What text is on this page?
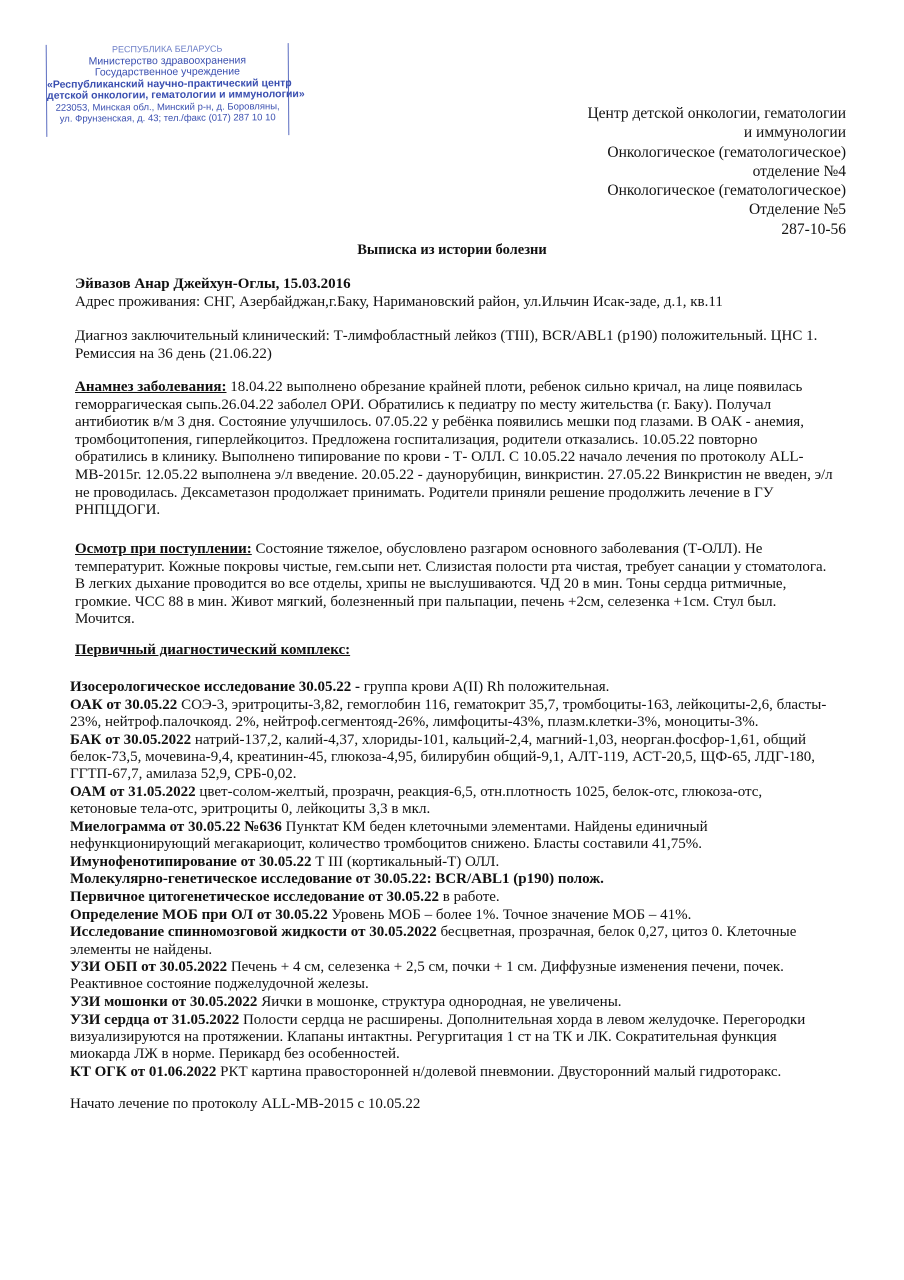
РЕСПУБЛИКА БЕЛАРУСЬ
Министерство здравоохранения
Государственное учреждение
«Республиканский научно-практический центр
детской онкологии, гематологии и иммунологии»
223053, Минская обл., Минский р-н, д. Боровляны,
ул. Фрунзенская, д. 43; тел./факс (017) 287 10 10	Центр детской онкологии, гематологии
и иммунологии
Онкологическое (гематологическое)
отделение №4
Онкологическое (гематологическое)
Отделение №5
287-10-56
Выписка из истории болезни
Эйвазов Анар Джейхун-Оглы, 15.03.2016
Адрес проживания: СНГ, Азербайджан,г.Баку, Наримановский район, ул.Ильчин Исак-заде, д.1, кв.11
Диагноз заключительный клинический: Т-лимфобластный лейкоз (TIII), BCR/ABL1 (p190) положительный. ЦНС 1.
Ремиссия на 36 день (21.06.22)
Анамнез заболевания: 18.04.22 выполнено обрезание крайней плоти, ребенок сильно кричал, на лице появилась
геморрагическая сыпь.26.04.22 заболел ОРИ. Обратились к педиатру по месту жительства (г. Баку). Получал
антибиотик в/м 3 дня. Состояние улучшилось. 07.05.22 у ребёнка появились мешки под глазами. В ОАК - анемия,
тромбоцитопения, гиперлейкоцитоз. Предложена госпитализация, родители отказались. 10.05.22 повторно
обратились в клинику. Выполнено типирование по крови - Т- ОЛЛ. С 10.05.22 начало лечения по протоколу ALL-
MB-2015г. 12.05.22 выполнена э/л введение. 20.05.22 - даунорубицин, винкристин. 27.05.22 Винкристин не введен, э/л
не проводилась. Дексаметазон продолжает принимать. Родители приняли решение продолжить лечение в ГУ
РНПЦДОГИ.
Осмотр при поступлении: Состояние тяжелое, обусловлено разгаром основного заболевания (Т-ОЛЛ). Не
температурит. Кожные покровы чистые, гем.сыпи нет. Слизистая полости рта чистая, требует санации у стоматолога.
В легких дыхание проводится во все отделы, хрипы не выслушиваются. ЧД 20 в мин. Тоны сердца ритмичные,
громкие. ЧСС 88 в мин. Живот мягкий, болезненный при пальпации, печень +2см, селезенка +1см. Стул был.
Мочится.
Первичный диагностический комплекс:

Изосерологическое исследование 30.05.22 - группа крови A(II) Rh положительная.

ОАК от 30.05.22 СОЭ-3, эритроциты-3,82, гемоглобин 116, гематокрит 35,7, тромбоциты-163, лейкоциты-2,6, бласты-
23%, нейтроф.палочкояд. 2%, нейтроф.сегментояд-26%, лимфоциты-43%, плазм.клетки-3%, моноциты-3%.

БАК от 30.05.2022 натрий-137,2, калий-4,37, хлориды-101, кальций-2,4, магний-1,03, неорган.фосфор-1,61, общий
белок-73,5, мочевина-9,4, креатинин-45, глюкоза-4,95, билирубин общий-9,1, АЛТ-119, АСТ-20,5, ЩФ-65, ЛДГ-180,
ГГТП-67,7, амилаза 52,9, СРБ-0,02.

ОАМ от 31.05.2022 цвет-солом-желтый, прозрачн, реакция-6,5, отн.плотность 1025, белок-отс, глюкоза-отс,
кетоновые тела-отс, эритроциты 0, лейкоциты 3,3 в мкл.

Миелограмма от 30.05.22 №636 Пунктат КМ беден клеточными элементами. Найдены единичный
нефункционирующий мегакариоцит, количество тромбоцитов снижено. Бласты составили 41,75%.

Имунофенотипирование от 30.05.22 Т III (кортикальный-Т) ОЛЛ.

Молекулярно-генетическое исследование от 30.05.22: BCR/ABL1 (p190) полож.

Первичное цитогенетическое исследование от 30.05.22 в работе.

Определение МОБ при ОЛ от 30.05.22 Уровень МОБ – более 1%. Точное значение МОБ – 41%.

Исследование спинномозговой жидкости от 30.05.2022 бесцветная, прозрачная, белок 0,27, цитоз 0. Клеточные
элементы не найдены.

УЗИ ОБП от 30.05.2022 Печень + 4 см, селезенка + 2,5 см, почки + 1 см. Диффузные изменения печени, почек.
Реактивное состояние поджелудочной железы.

УЗИ мошонки от 30.05.2022 Яички в мошонке, структура однородная, не увеличены.

УЗИ сердца от 31.05.2022 Полости сердца не расширены. Дополнительная хорда в левом желудочке. Перегородки
визуализируются на протяжении. Клапаны интактны. Регургитация 1 ст на ТК и ЛК. Сократительная функция
миокарда ЛЖ в норме. Перикард без особенностей.

КТ ОГК от 01.06.2022 РКТ картина правосторонней н/долевой пневмонии. Двусторонний малый гидроторакс.

Начато лечение по протоколу ALL-MB-2015 с 10.05.22
